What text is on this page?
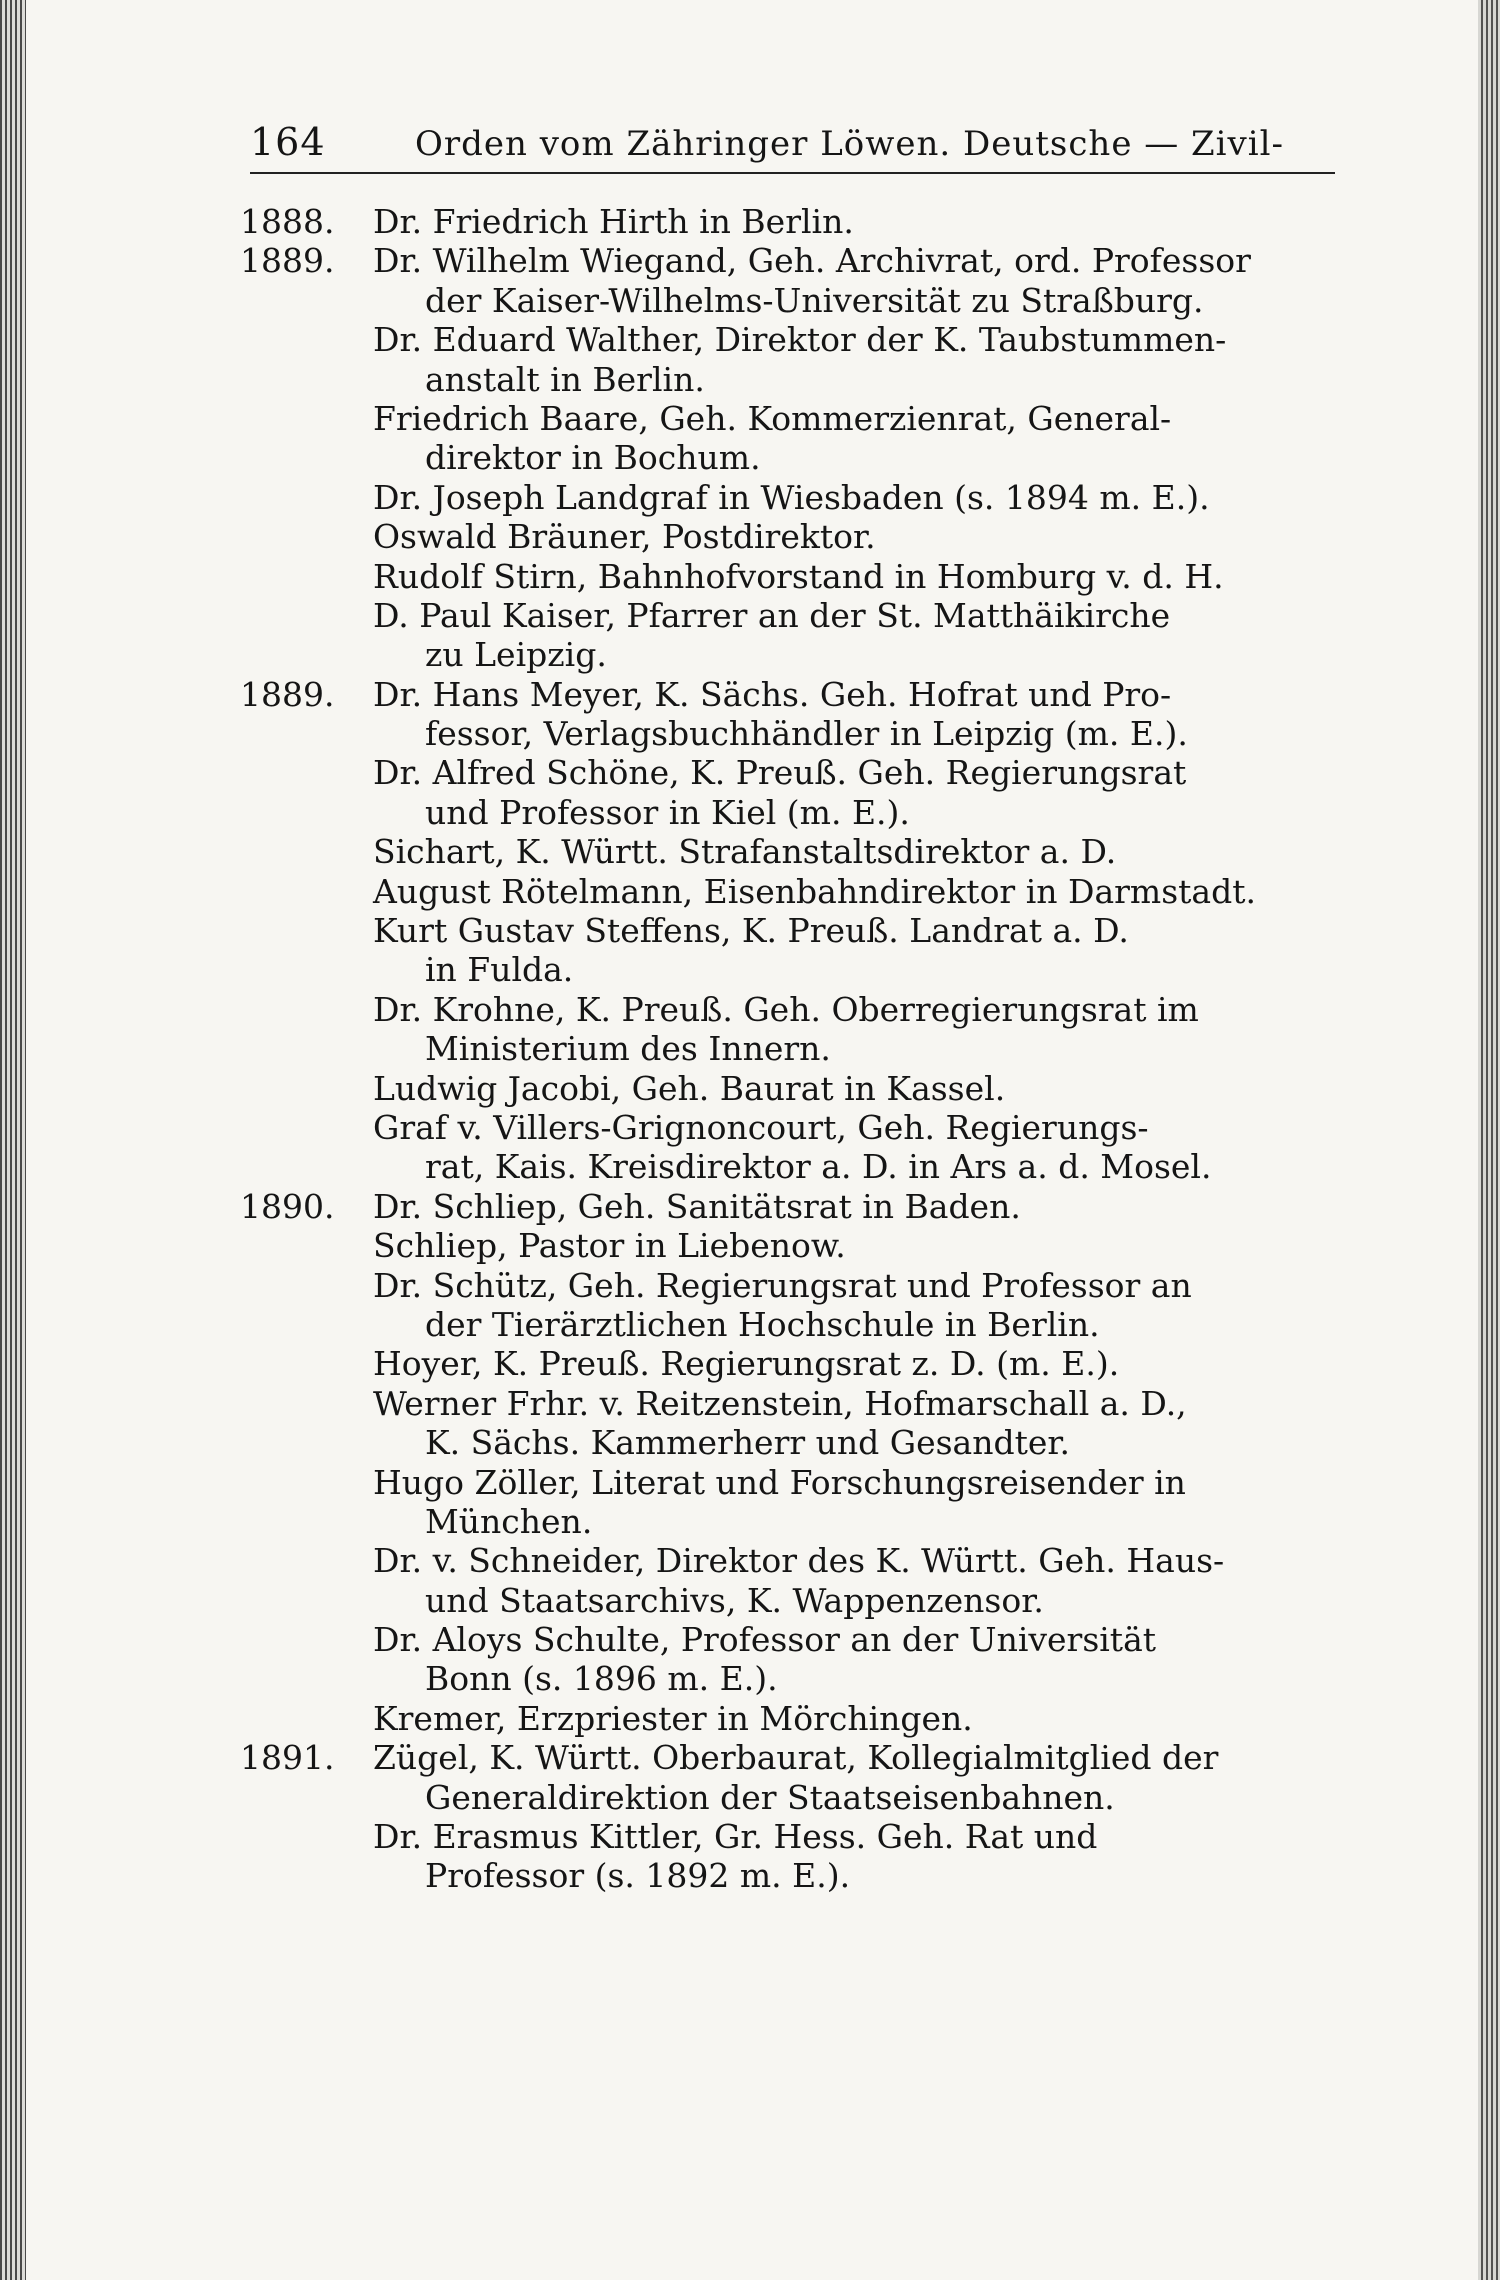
164	Orden vom Zähringer Löwen. Deutsche — Zivil-
1888. Dr. Friedrich Hirth in Berlin.
1889. Dr. Wilhelm Wiegand, Geh. Archivrat, ord. Professor
der Kaiser-Wilhelms-Universität zu Straßburg.
Dr. Eduard Walther, Direktor der K. Taubstummen-
anstalt in Berlin.
Friedrich Baare, Geh. Kommerzienrat, General-
direktor in Bochum.
Dr. Joseph Landgraf in Wiesbaden (s. 1894 m. E.).
Oswald Bräuner, Postdirektor.
Rudolf Stirn, Bahnhofvorstand in Homburg v. d. H.
D. Paul Kaiser, Pfarrer an der St. Matthäikirche
zu Leipzig.
1889. Dr. Hans Meyer, K. Sächs. Geh. Hofrat und Pro-
fessor, Verlagsbuchhändler in Leipzig (m. E.).
Dr. Alfred Schöne, K. Preuß. Geh. Regierungsrat
und Professor in Kiel (m. E.).
Sichart, K. Württ. Strafanstaltsdirektor a. D.
August Rötelmann, Eisenbahndirektor in Darmstadt.
Kurt Gustav Steffens, K. Preuß. Landrat a. D.
in Fulda.
Dr. Krohne, K. Preuß. Geh. Oberregierungsrat im
Ministerium des Innern.
Ludwig Jacobi, Geh. Baurat in Kassel.
Graf v. Villers-Grignoncourt, Geh. Regierungs-
rat, Kais. Kreisdirektor a. D. in Ars a. d. Mosel.
1890. Dr. Schliep, Geh. Sanitätsrat in Baden.
Schliep, Pastor in Liebenow.
Dr. Schütz, Geh. Regierungsrat und Professor an
der Tierärztlichen Hochschule in Berlin.
Hoyer, K. Preuß. Regierungsrat z. D. (m. E.).
Werner Frhr. v. Reitzenstein, Hofmarschall a. D.,
K. Sächs. Kammerherr und Gesandter.
Hugo Zöller, Literat und Forschungsreisender in
München.
Dr. v. Schneider, Direktor des K. Württ. Geh. Haus-
und Staatsarchivs, K. Wappenzensor.
Dr. Aloys Schulte, Professor an der Universität
Bonn (s. 1896 m. E.).
Kremer, Erzpriester in Mörchingen.
1891. Zügel, K. Württ. Oberbaurat, Kollegialmitglied der
Generaldirektion der Staatseisenbahnen.
Dr. Erasmus Kittler, Gr. Hess. Geh. Rat und
Professor (s. 1892 m. E.).
